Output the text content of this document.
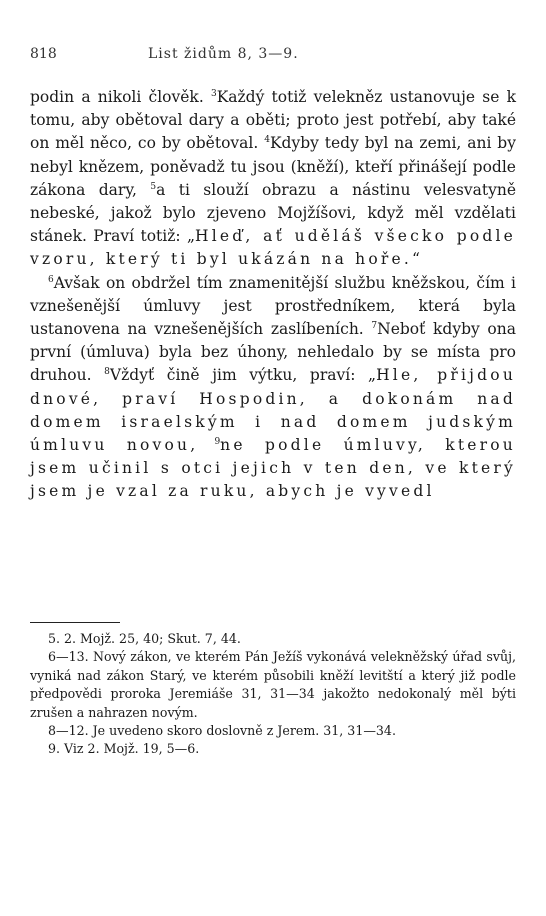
818	List židům 8, 3—9.

podin a nikoli člověk. $^3$Každý totiž velekněz ustanovuje se k tomu, aby obětoval dary a oběti; proto jest potřebí, aby také on měl něco, co by obětoval. $^4$Kdyby tedy byl na zemi, ani by nebyl knězem, poněvadž tu jsou (kněží), kteří přinášejí podle zákona dary, $^5$a ti slouží obrazu a nástinu velesvatyně nebeské, jakož bylo zjeveno Mojžíšovi, když měl vzdělati stánek. Praví totiž: „Hleď, ať uděláš všecko podle vzoru, který ti byl ukázán na hoře.“

$^6$Avšak on obdržel tím znamenitější službu kněžskou, čím i vznešenější úmluvy jest prostředníkem, která byla ustanovena na vznešenějších zaslíbeních. $^7$Neboť kdyby ona první (úmluva) byla bez úhony, nehledalo by se místa pro druhou. $^8$Vždyť čině jim výtku, praví: „Hle, přijdou dnové, praví Hospodin, a dokonám nad domem israelským i nad domem judským úmluvu novou, $^9$ne podle úmluvy, kterou jsem učinil s otci jejich v ten den, ve který jsem je vzal za ruku, abych je vyvedl

5. 2. Mojž. 25, 40; Skut. 7, 44.

6—13. Nový zákon, ve kterém Pán Ježíš vykonává velekněžský úřad svůj, vyniká nad zákon Starý, ve kterém působili kněží levitští a který již podle předpovědi proroka Jeremiáše 31, 31—34 jakožto nedokonalý měl býti zrušen a nahrazen novým.

8—12. Je uvedeno skoro doslovně z Jerem. 31, 31—34.

9. Viz 2. Mojž. 19, 5—6.
